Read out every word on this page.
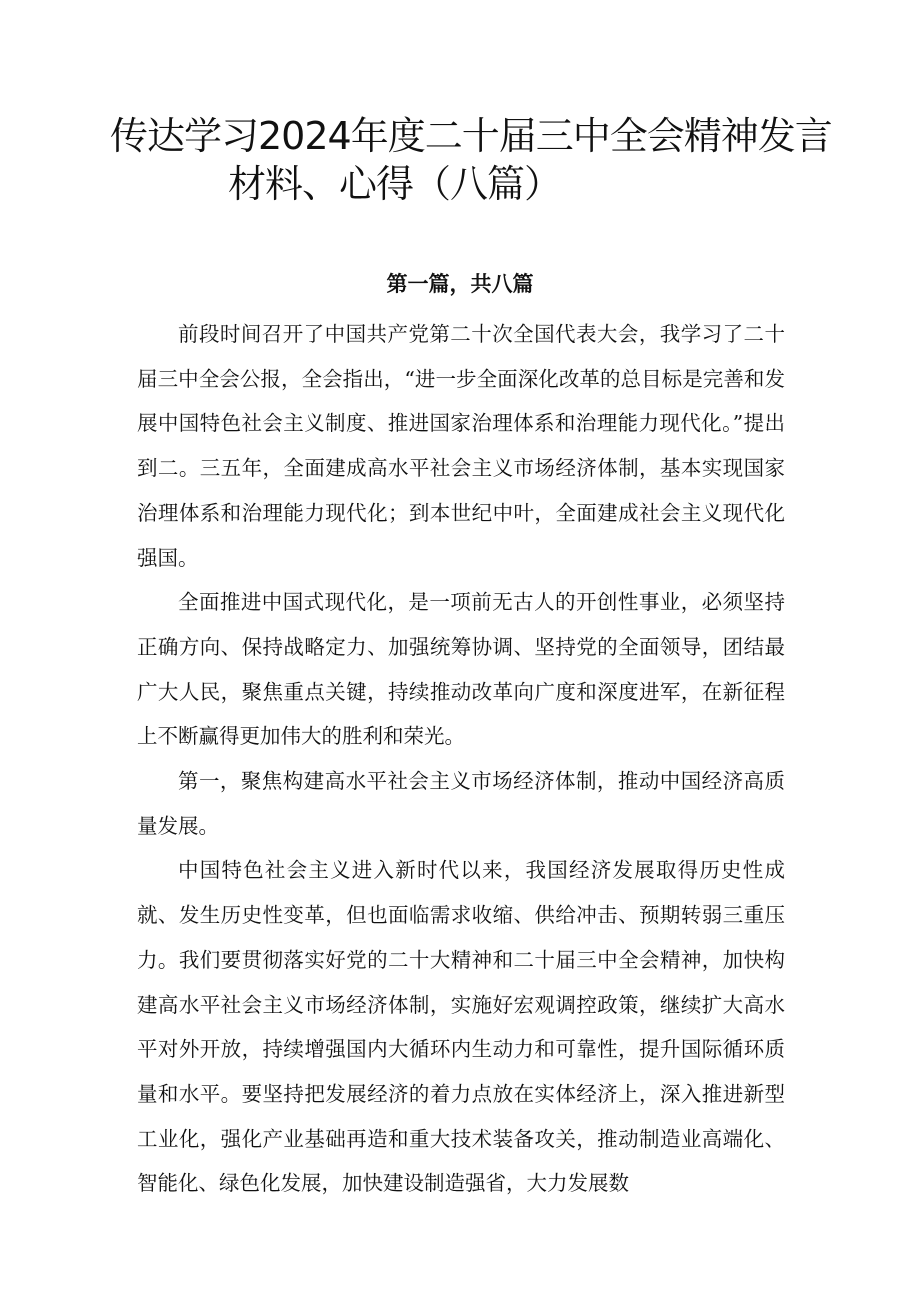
传达学习2024年度二十届三中全会精神发言
材料、心得（八篇）
第一篇，共八篇

前段时间召开了中国共产党第二十次全国代表大会，我学习了二十届三中全会公报，全会指出，“进一步全面深化改革的总目标是完善和发展中国特色社会主义制度、推进国家治理体系和治理能力现代化。”提出到二。三五年，全面建成高水平社会主义市场经济体制，基本实现国家治理体系和治理能力现代化；到本世纪中叶，全面建成社会主义现代化强国。

全面推进中国式现代化，是一项前无古人的开创性事业，必须坚持正确方向、保持战略定力、加强统筹协调、坚持党的全面领导，团结最广大人民，聚焦重点关键，持续推动改革向广度和深度进军，在新征程上不断赢得更加伟大的胜利和荣光。

第一，聚焦构建高水平社会主义市场经济体制，推动中国经济高质量发展。

中国特色社会主义进入新时代以来，我国经济发展取得历史性成就、发生历史性变革，但也面临需求收缩、供给冲击、预期转弱三重压力。我们要贯彻落实好党的二十大精神和二十届三中全会精神，加快构建高水平社会主义市场经济体制，实施好宏观调控政策，继续扩大高水平对外开放，持续增强国内大循环内生动力和可靠性，提升国际循环质量和水平。要坚持把发展经济的着力点放在实体经济上，深入推进新型工业化，强化产业基础再造和重大技术装备攻关，推动制造业高端化、智能化、绿色化发展，加快建设制造强省，大力发展数
